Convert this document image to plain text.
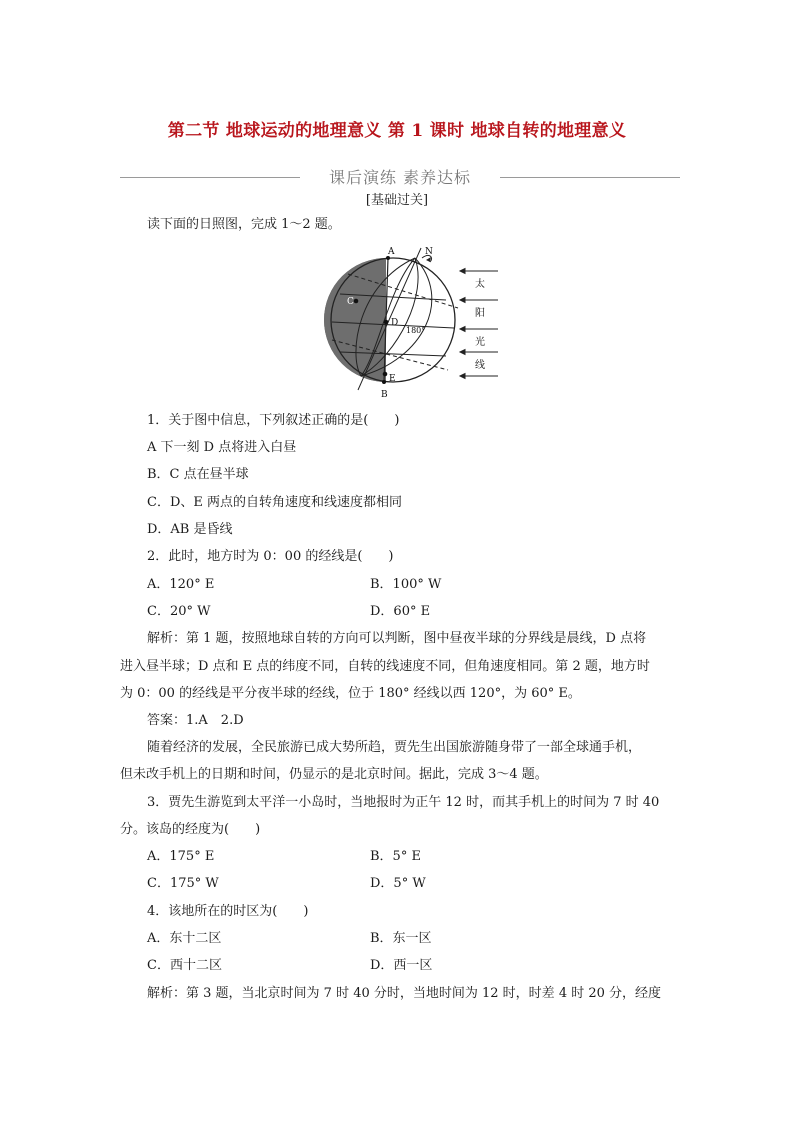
第二节 地球运动的地理意义 第 1 课时 地球自转的地理意义
课后演练 素养达标
[基础过关]
读下面的日照图，完成 1～2 题。
A
B
C
D
E
N
S
180°
太
阳
光
线
1．关于图中信息，下列叙述正确的是(　　)
A 下一刻 D 点将进入白昼
B．C 点在昼半球
C．D、E 两点的自转角速度和线速度都相同
D．AB 是昏线
2．此时，地方时为 0：00 的经线是(　　)
A．120° E	B．100° W
C．20° W	D．60° E
解析：第 1 题，按照地球自转的方向可以判断，图中昼夜半球的分界线是晨线，D 点将
进入昼半球；D 点和 E 点的纬度不同，自转的线速度不同，但角速度相同。第 2 题，地方时
为 0：00 的经线是平分夜半球的经线，位于 180° 经线以西 120°，为 60° E。
答案：1.A　2.D
随着经济的发展，全民旅游已成大势所趋，贾先生出国旅游随身带了一部全球通手机，
但未改手机上的日期和时间，仍显示的是北京时间。据此，完成 3～4 题。
3．贾先生游览到太平洋一小岛时，当地报时为正午 12 时，而其手机上的时间为 7 时 40
分。该岛的经度为(　　)
A．175° E	B．5° E
C．175° W	D．5° W
4．该地所在的时区为(　　)
A．东十二区	B．东一区
C．西十二区	D．西一区
解析：第 3 题，当北京时间为 7 时 40 分时，当地时间为 12 时，时差 4 时 20 分，经度
